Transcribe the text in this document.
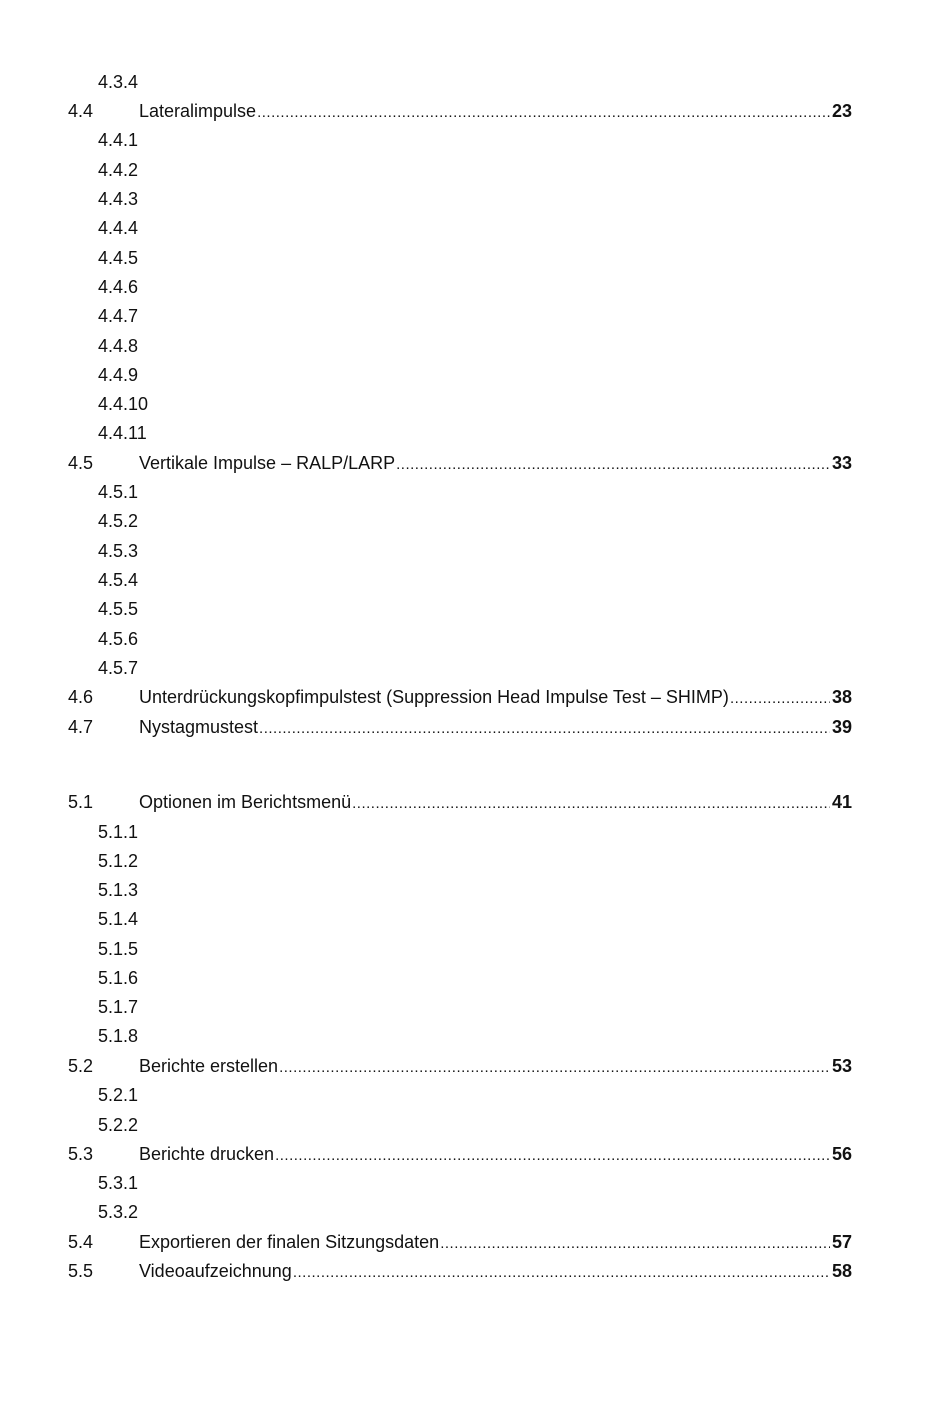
4.3.4
4.4	Lateralimpulse .....	23
4.4.1
4.4.2
4.4.3
4.4.4
4.4.5
4.4.6
4.4.7
4.4.8
4.4.9
4.4.10
4.4.11
4.5	Vertikale Impulse – RALP/LARP .....	33
4.5.1
4.5.2
4.5.3
4.5.4
4.5.5
4.5.6
4.5.7
4.6	Unterdrückungskopfimpulstest (Suppression Head Impulse Test – SHIMP) .....	38
4.7	Nystagmustest .....	39
5.1	Optionen im Berichtsmenü .....	41
5.1.1
5.1.2
5.1.3
5.1.4
5.1.5
5.1.6
5.1.7
5.1.8
5.2	Berichte erstellen .....	53
5.2.1
5.2.2
5.3	Berichte drucken .....	56
5.3.1
5.3.2
5.4	Exportieren der finalen Sitzungsdaten .....	57
5.5	Videoaufzeichnung .....	58
